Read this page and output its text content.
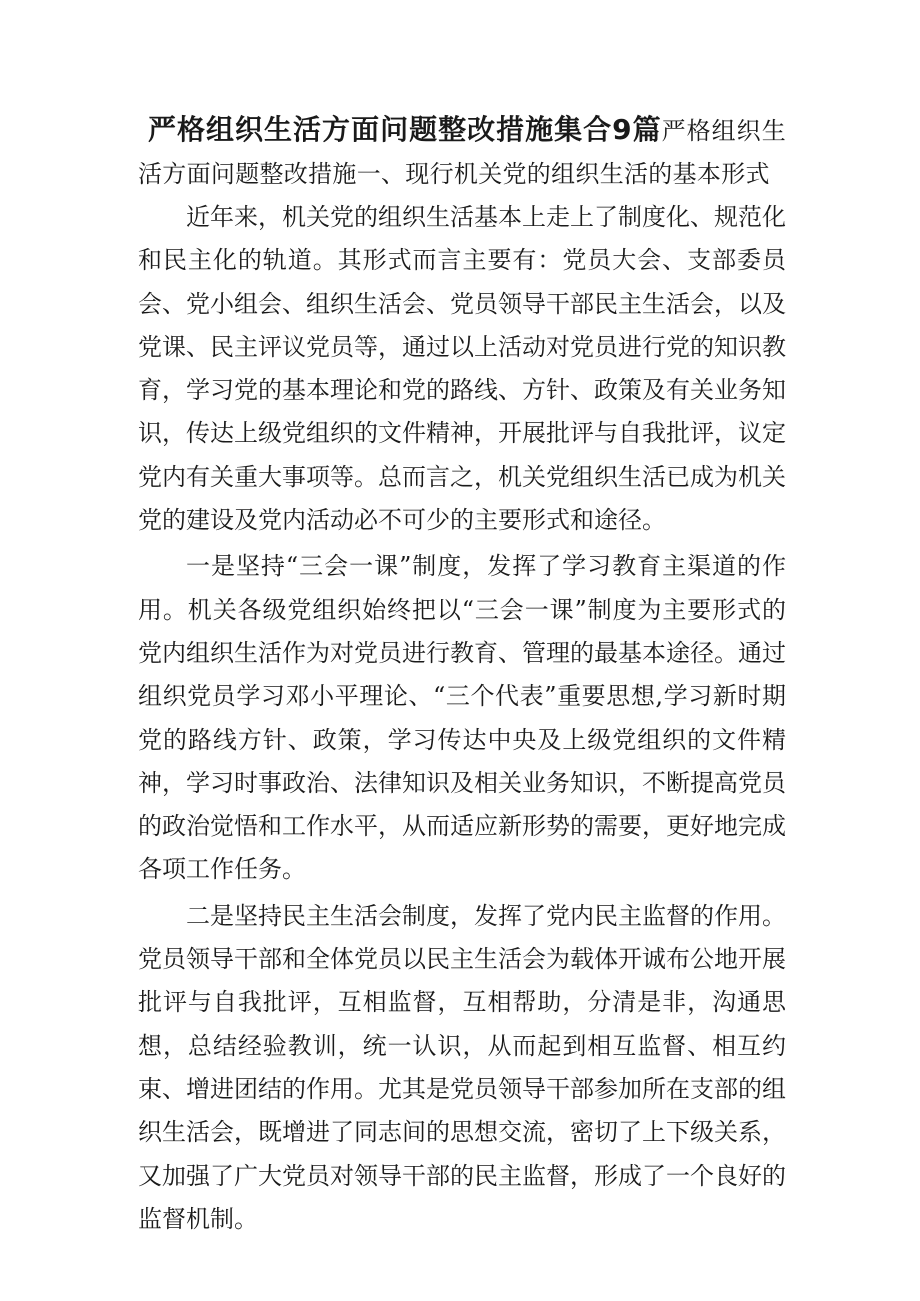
严格组织生活方面问题整改措施集合9篇严格组织生活方面问题整改措施一、现行机关党的组织生活的基本形式

近年来，机关党的组织生活基本上走上了制度化、规范化和民主化的轨道。其形式而言主要有：党员大会、支部委员会、党小组会、组织生活会、党员领导干部民主生活会，以及党课、民主评议党员等，通过以上活动对党员进行党的知识教育，学习党的基本理论和党的路线、方针、政策及有关业务知识，传达上级党组织的文件精神，开展批评与自我批评，议定党内有关重大事项等。总而言之，机关党组织生活已成为机关党的建设及党内活动必不可少的主要形式和途径。

一是坚持“三会一课”制度，发挥了学习教育主渠道的作用。机关各级党组织始终把以“三会一课”制度为主要形式的党内组织生活作为对党员进行教育、管理的最基本途径。通过组织党员学习邓小平理论、“三个代表”重要思想,学习新时期党的路线方针、政策，学习传达中央及上级党组织的文件精神，学习时事政治、法律知识及相关业务知识，不断提高党员的政治觉悟和工作水平，从而适应新形势的需要，更好地完成各项工作任务。

二是坚持民主生活会制度，发挥了党内民主监督的作用。党员领导干部和全体党员以民主生活会为载体开诚布公地开展批评与自我批评，互相监督，互相帮助，分清是非，沟通思想，总结经验教训，统一认识，从而起到相互监督、相互约束、增进团结的作用。尤其是党员领导干部参加所在支部的组织生活会，既增进了同志间的思想交流，密切了上下级关系，又加强了广大党员对领导干部的民主监督，形成了一个良好的监督机制。
